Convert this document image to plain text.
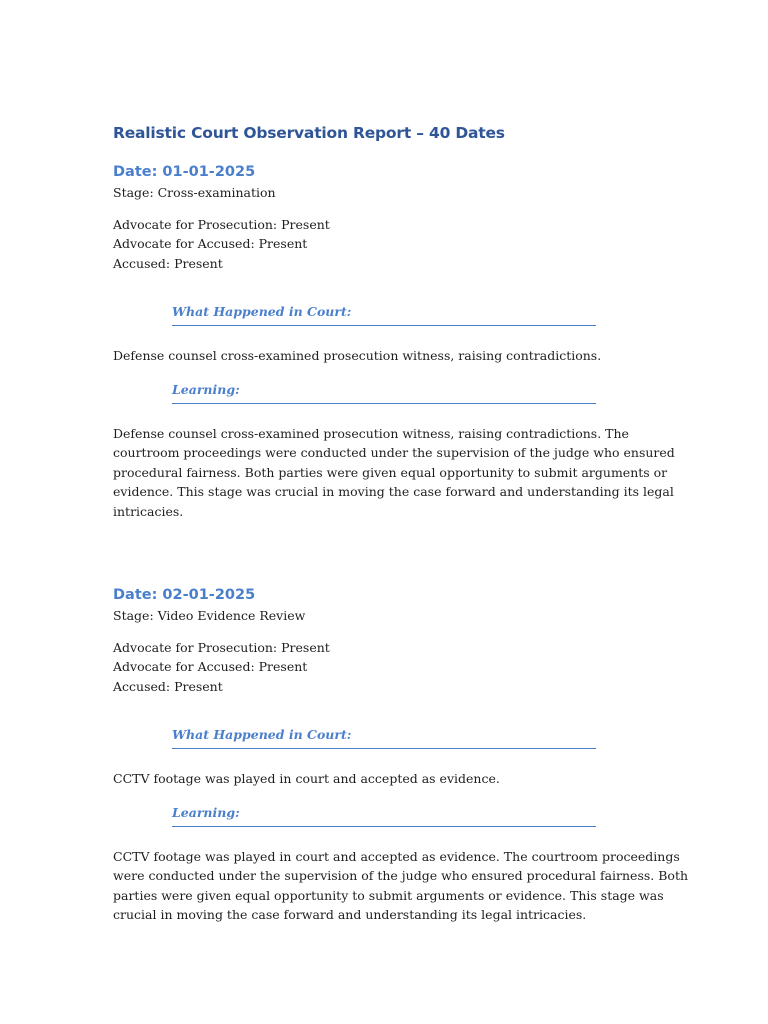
Realistic Court Observation Report – 40 Dates
Date: 01-01-2025

Stage: Cross-examination

Advocate for Prosecution: Present

Advocate for Accused: Present

Accused: Present

What Happened in Court:

Defense counsel cross-examined prosecution witness, raising contradictions.

Learning:
Defense counsel cross-examined prosecution witness, raising contradictions. The
courtroom proceedings were conducted under the supervision of the judge who ensured
procedural fairness. Both parties were given equal opportunity to submit arguments or
evidence. This stage was crucial in moving the case forward and understanding its legal
intricacies.
Date: 02-01-2025

Stage: Video Evidence Review

Advocate for Prosecution: Present

Advocate for Accused: Present

Accused: Present

What Happened in Court:

CCTV footage was played in court and accepted as evidence.

Learning:
CCTV footage was played in court and accepted as evidence. The courtroom proceedings
were conducted under the supervision of the judge who ensured procedural fairness. Both
parties were given equal opportunity to submit arguments or evidence. This stage was
crucial in moving the case forward and understanding its legal intricacies.
